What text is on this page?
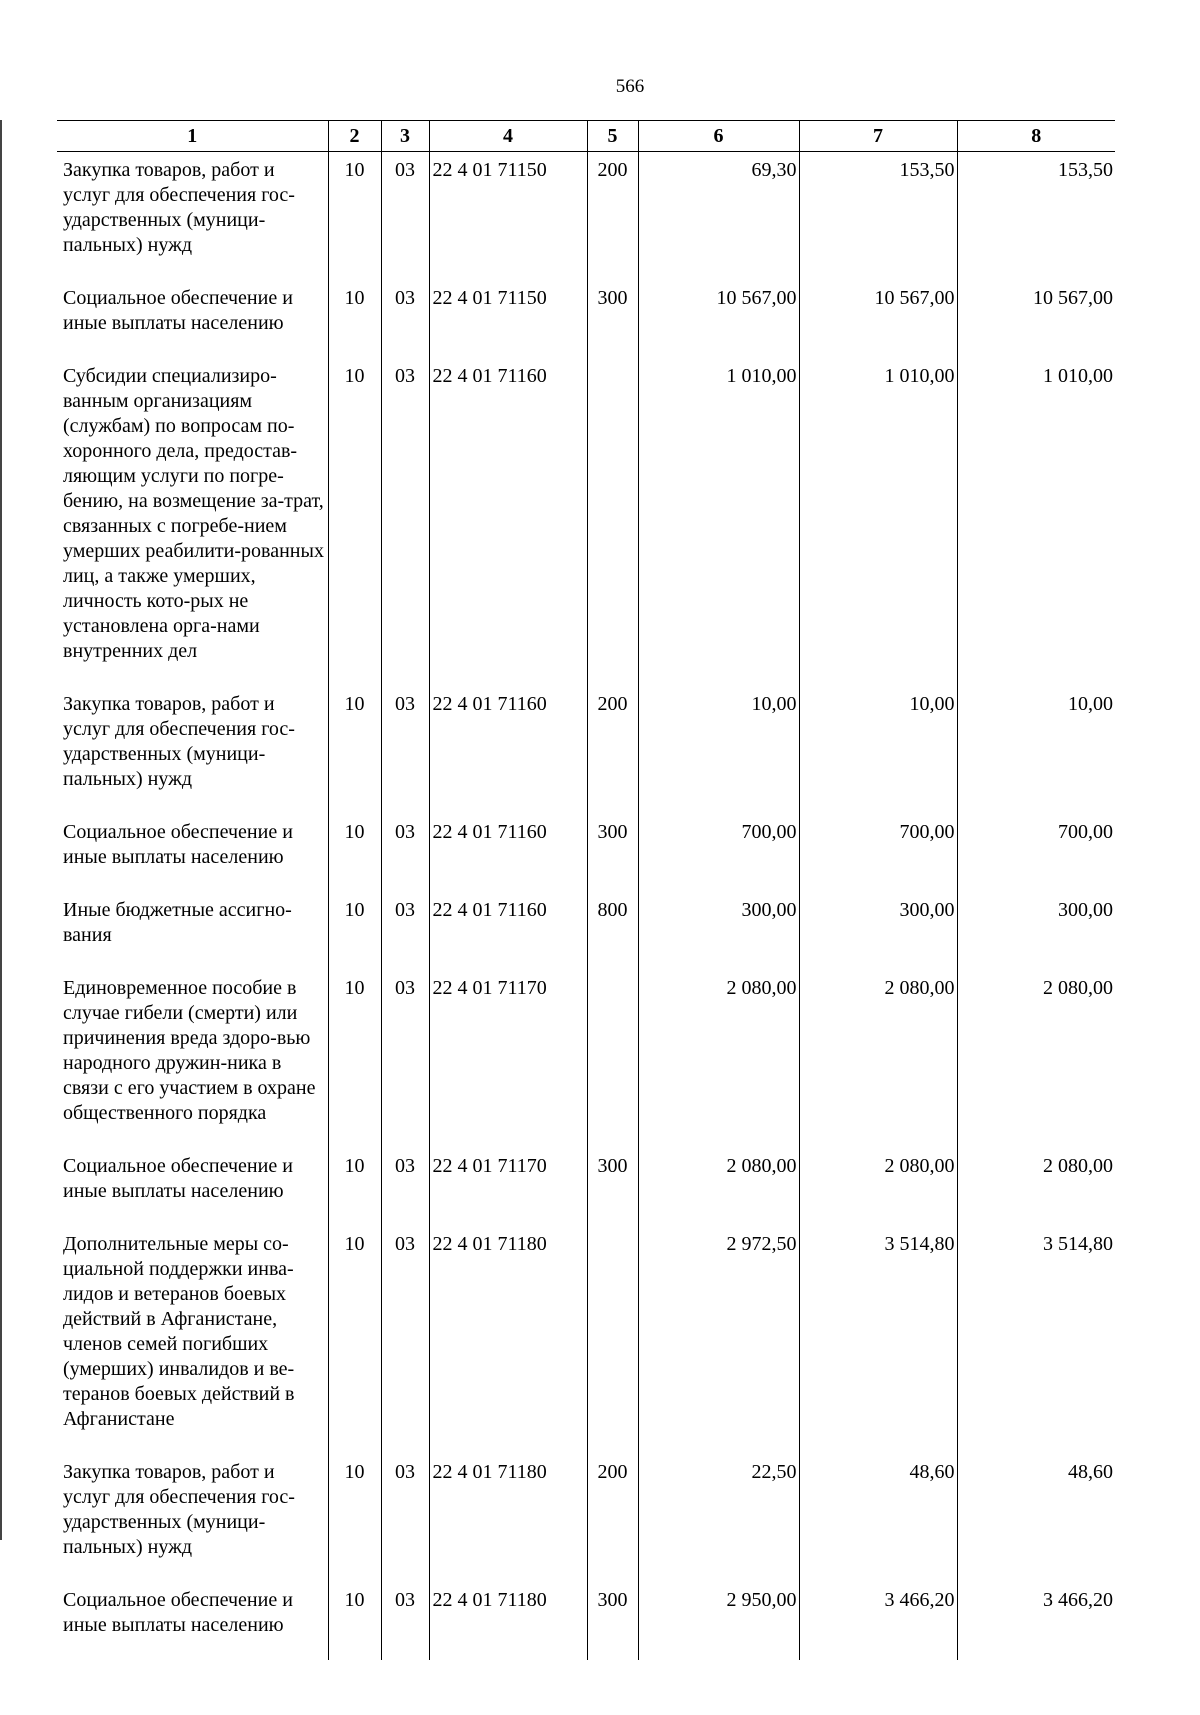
566
1	2	3	4	5	6	7	8
Закупка товаров, работ и услуг для обеспечения гос-ударственных (муници-пальных) нужд	10	03	22 4 01 71150	200	69,30	153,50	153,50
Социальное обеспечение и иные выплаты населению	10	03	22 4 01 71150	300	10 567,00	10 567,00	10 567,00
Субсидии специализиро-ванным организациям (службам) по вопросам по-хоронного дела, предостав-ляющим услуги по погре-бению, на возмещение за-трат, связанных с погребе-нием умерших реабилити-рованных лиц, а также умерших, личность кото-рых не установлена орга-нами внутренних дел	10	03	22 4 01 71160		1 010,00	1 010,00	1 010,00
Закупка товаров, работ и услуг для обеспечения гос-ударственных (муници-пальных) нужд	10	03	22 4 01 71160	200	10,00	10,00	10,00
Социальное обеспечение и иные выплаты населению	10	03	22 4 01 71160	300	700,00	700,00	700,00
Иные бюджетные ассигно-вания	10	03	22 4 01 71160	800	300,00	300,00	300,00
Единовременное пособие в случае гибели (смерти) или причинения вреда здоро-вью народного дружин-ника в связи с его участием в охране общественного порядка	10	03	22 4 01 71170		2 080,00	2 080,00	2 080,00
Социальное обеспечение и иные выплаты населению	10	03	22 4 01 71170	300	2 080,00	2 080,00	2 080,00
Дополнительные меры со-циальной поддержки инва-лидов и ветеранов боевых действий в Афганистане, членов семей погибших (умерших) инвалидов и ве-теранов боевых действий в Афганистане	10	03	22 4 01 71180		2 972,50	3 514,80	3 514,80
Закупка товаров, работ и услуг для обеспечения гос-ударственных (муници-пальных) нужд	10	03	22 4 01 71180	200	22,50	48,60	48,60
Социальное обеспечение и иные выплаты населению	10	03	22 4 01 71180	300	2 950,00	3 466,20	3 466,20
